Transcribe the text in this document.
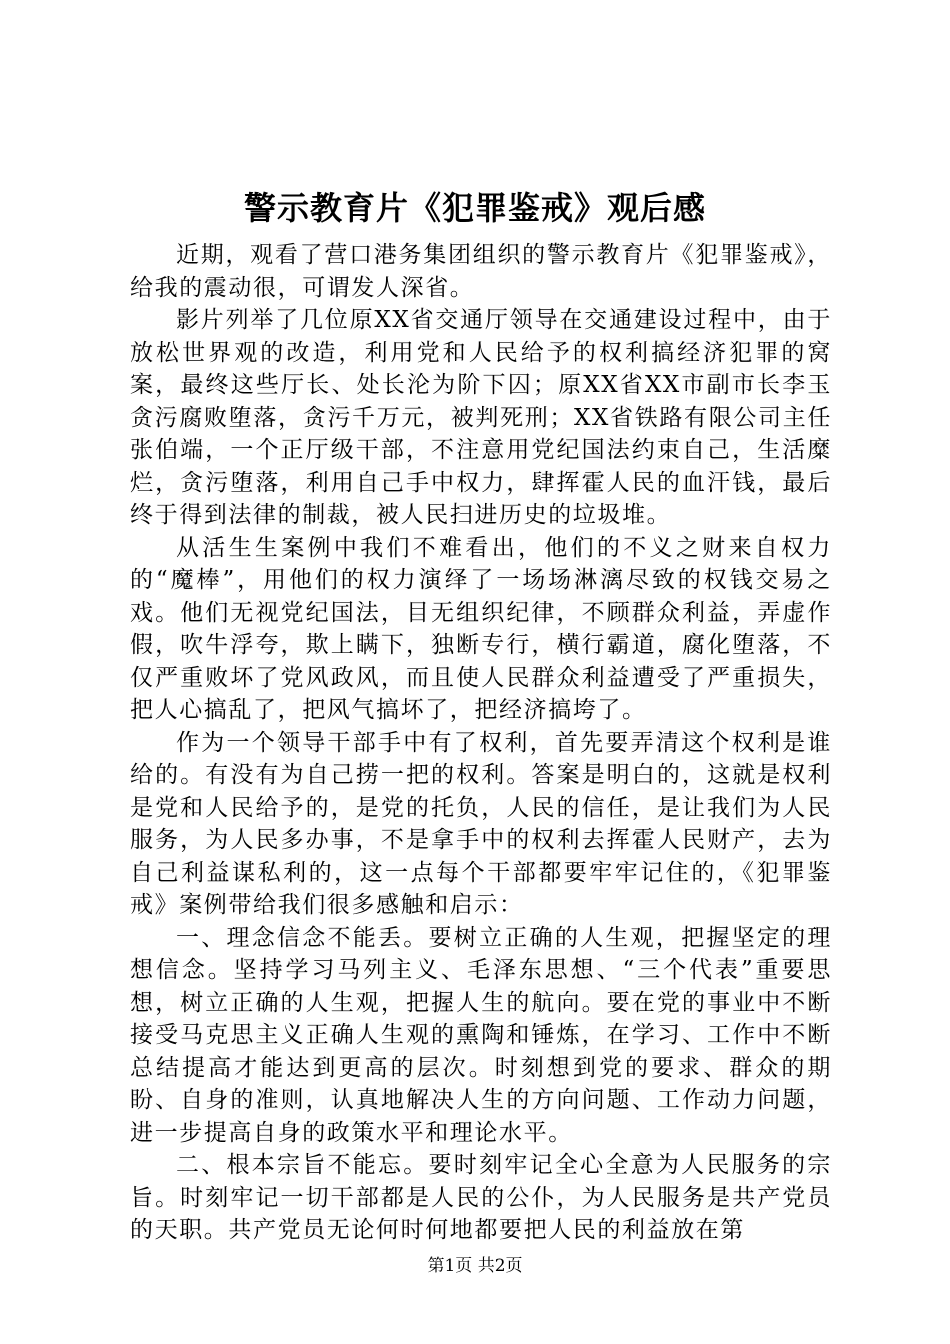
警示教育片《犯罪鉴戒》观后感

近期，观看了营口港务集团组织的警示教育片《犯罪鉴戒》，给我的震动很，可谓发人深省。

影片列举了几位原XX省交通厅领导在交通建设过程中，由于放松世界观的改造，利用党和人民给予的权利搞经济犯罪的窝案，最终这些厅长、处长沦为阶下囚；原XX省XX市副市长李玉贪污腐败堕落，贪污千万元，被判死刑；XX省铁路有限公司主任张伯端，一个正厅级干部，不注意用党纪国法约束自己，生活糜烂，贪污堕落，利用自己手中权力，肆挥霍人民的血汗钱，最后终于得到法律的制裁，被人民扫进历史的垃圾堆。

从活生生案例中我们不难看出，他们的不义之财来自权力的“魔棒”，用他们的权力演绎了一场场淋漓尽致的权钱交易之戏。他们无视党纪国法，目无组织纪律，不顾群众利益，弄虚作假，吹牛浮夸，欺上瞒下，独断专行，横行霸道，腐化堕落，不仅严重败坏了党风政风，而且使人民群众利益遭受了严重损失，把人心搞乱了，把风气搞坏了，把经济搞垮了。

作为一个领导干部手中有了权利，首先要弄清这个权利是谁给的。有没有为自己捞一把的权利。答案是明白的，这就是权利是党和人民给予的，是党的托负，人民的信任，是让我们为人民服务，为人民多办事，不是拿手中的权利去挥霍人民财产，去为自己利益谋私利的，这一点每个干部都要牢牢记住的，《犯罪鉴戒》案例带给我们很多感触和启示：

一、理念信念不能丢。要树立正确的人生观，把握坚定的理想信念。坚持学习马列主义、毛泽东思想、“三个代表”重要思想，树立正确的人生观，把握人生的航向。要在党的事业中不断接受马克思主义正确人生观的熏陶和锤炼，在学习、工作中不断总结提高才能达到更高的层次。时刻想到党的要求、群众的期盼、自身的准则，认真地解决人生的方向问题、工作动力问题，进一步提高自身的政策水平和理论水平。

二、根本宗旨不能忘。要时刻牢记全心全意为人民服务的宗旨。时刻牢记一切干部都是人民的公仆，为人民服务是共产党员的天职。共产党员无论何时何地都要把人民的利益放在第

第1页 共2页
